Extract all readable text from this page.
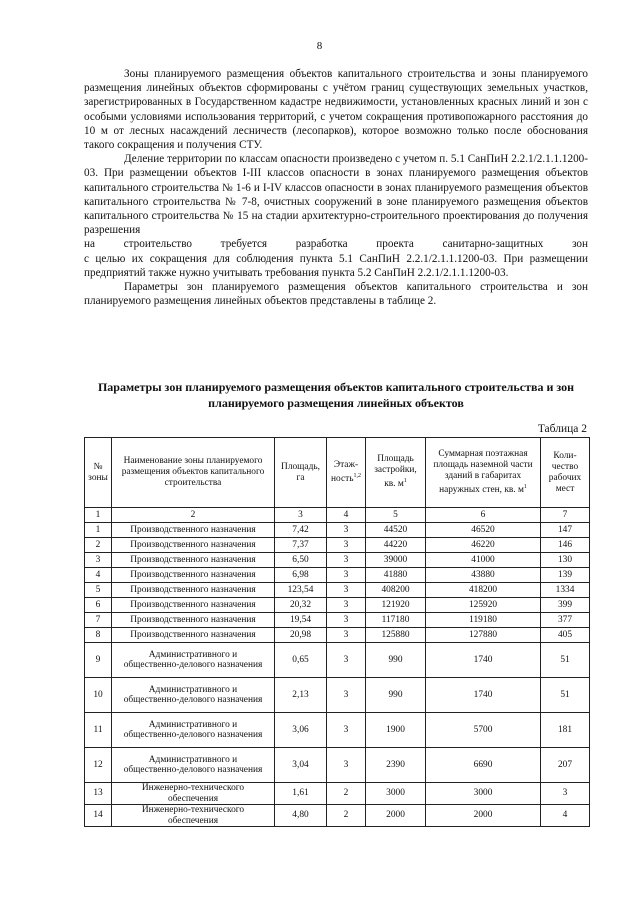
8

Зоны планируемого размещения объектов капитального строительства и зоны планируемого размещения линейных объектов сформированы с учётом границ существующих земельных участков, зарегистрированных в Государственном кадастре недвижимости, установленных красных линий и зон с особыми условиями использования территорий, с учетом сокращения противопожарного расстояния до 10 м от лесных насаждений лесничеств (лесопарков), которое возможно только после обоснования такого сокращения и получения СТУ.

Деление территории по классам опасности произведено с учетом п. 5.1 СанПиН 2.2.1/2.1.1.1200-03. При размещении объектов I-III классов опасности в зонах планируемого размещения объектов капитального строительства № 1-6 и I-IV классов опасности в зонах планируемого размещения объектов капитального строительства № 7-8, очистных сооружений в зоне планируемого размещения объектов капитального строительства № 15 на стадии архитектурно-строительного проектирования до получения разрешения

на строительство требуется разработка проекта санитарно-защитных зон

с целью их сокращения для соблюдения пункта 5.1 СанПиН 2.2.1/2.1.1.1200-03. При размещении предприятий также нужно учитывать требования пункта 5.2 СанПиН 2.2.1/2.1.1.1200-03.

Параметры зон планируемого размещения объектов капитального строительства и зон планируемого размещения линейных объектов представлены в таблице 2.

Параметры зон планируемого размещения объектов капитального строительства и зон планируемого размещения линейных объектов
Таблица 2
№ зоны	Наименование зоны планируемого размещения объектов капитального строительства	Площадь, га	Этаж-ность$^{1,2}$	Площадь застройки, кв. $м^1$	Суммарная поэтажная площадь наземной части зданий в габаритах наружных стен, кв. $м^1$	Коли-чество рабочих мест
1	2	3	4	5	6	7
1	Производственного назначения	7,42	3	44520	46520	147
2	Производственного назначения	7,37	3	44220	46220	146
3	Производственного назначения	6,50	3	39000	41000	130
4	Производственного назначения	6,98	3	41880	43880	139
5	Производственного назначения	123,54	3	408200	418200	1334
6	Производственного назначения	20,32	3	121920	125920	399
7	Производственного назначения	19,54	3	117180	119180	377
8	Производственного назначения	20,98	3	125880	127880	405
9	Административного и общественно-делового назначения	0,65	3	990	1740	51
10	Административного и общественно-делового назначения	2,13	3	990	1740	51
11	Административного и общественно-делового назначения	3,06	3	1900	5700	181
12	Административного и общественно-делового назначения	3,04	3	2390	6690	207
13	Инженерно-технического обеспечения	1,61	2	3000	3000	3
14	Инженерно-технического обеспечения	4,80	2	2000	2000	4
